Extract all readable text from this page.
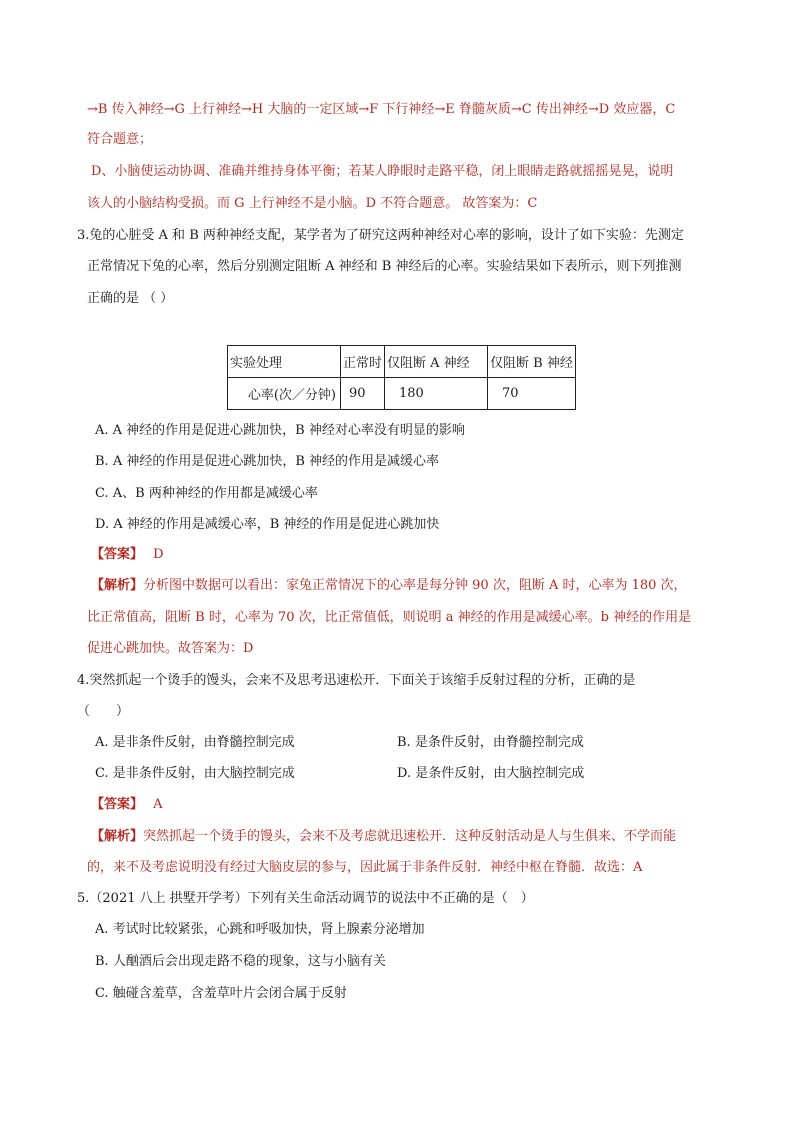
→B 传入神经→G 上行神经→H 大脑的一定区域→F 下行神经→E 脊髓灰质→C 传出神经→D 效应器，C
符合题意；
D、小脑使运动协调、准确并维持身体平衡；若某人睁眼时走路平稳，闭上眼睛走路就摇摇晃晃，说明
该人的小脑结构受损。而 G 上行神经不是小脑。D 不符合题意。 故答案为：C
3.兔的心脏受 A 和 B 两种神经支配，某学者为了研究这两种神经对心率的影响，设计了如下实验：先测定
正常情况下兔的心率，然后分别测定阻断 A 神经和 B 神经后的心率。实验结果如下表所示，则下列推测
正确的是 （ ）
实验处理	正常时	仅阻断 A 神经	仅阻断 B 神经
心率(次／分钟)	90	180	70
A. A 神经的作用是促进心跳加快，B 神经对心率没有明显的影响
B. A 神经的作用是促进心跳加快，B 神经的作用是减缓心率
C. A、B 两种神经的作用都是减缓心率
D. A 神经的作用是减缓心率，B 神经的作用是促进心跳加快
【答案】 D
【解析】分析图中数据可以看出：家兔正常情况下的心率是每分钟 90 次，阻断 A 时，心率为 180 次，
比正常值高，阻断 B 时，心率为 70 次，比正常值低，则说明 a 神经的作用是减缓心率。b 神经的作用是
促进心跳加快。故答案为：D
4.突然抓起一个烫手的馒头，会来不及思考迅速松开．下面关于该缩手反射过程的分析，正确的是
（　　）
A. 是非条件反射，由脊髓控制完成	B. 是条件反射，由脊髓控制完成
C. 是非条件反射，由大脑控制完成	D. 是条件反射，由大脑控制完成
【答案】 A
【解析】突然抓起一个烫手的馒头，会来不及考虑就迅速松开．这种反射活动是人与生俱来、不学而能
的，来不及考虑说明没有经过大脑皮层的参与，因此属于非条件反射．神经中枢在脊髓．故选：A
5.（2021 八上 拱墅开学考）下列有关生命活动调节的说法中不正确的是（　）
A. 考试时比较紧张，心跳和呼吸加快，肾上腺素分泌增加
B. 人酗酒后会出现走路不稳的现象，这与小脑有关
C. 触碰含羞草，含羞草叶片会闭合属于反射
